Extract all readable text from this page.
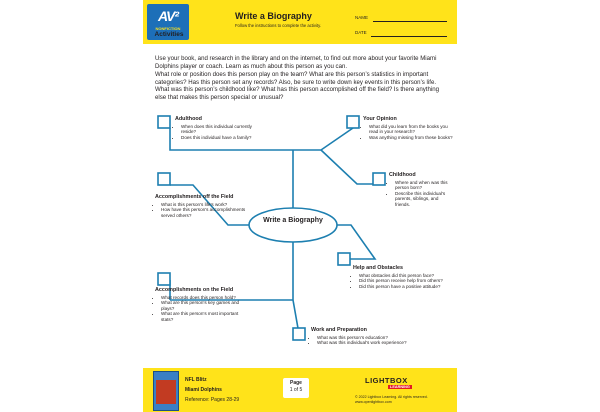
AV²
NONFICTION
Activities
Write a Biography
Follow the instructions to complete the activity.
NAME
DATE

Use your book, and research in the library and on the internet, to find out more about your favorite Miami Dolphins player or coach. Learn as much about this person as you can.

What role or position does this person play on the team? What are this person’s statistics in important categories? Has this person set any records? Also, be sure to write down key events in this person’s life. What was this person’s childhood like? What has this person accomplished off the field? Is there anything else that makes this person special or unusual?

Write a Biography
Adulthood
• When does this individual currently reside?
• Does this individual have a family?
Your Opinion
• What did you learn from the books you read in your research?
• Was anything missing from these books?
Childhood
• Where and when was this person born?
• Describe this individual’s parents, siblings, and friends.
Accomplishments off the Field
• What is this person’s life’s work?
• How have this person’s accomplishments served others?
Help and Obstacles
• What obstacles did this person face?
• Did this person receive help from others?
• Did this person have a positive attitude?
Accomplishments on the Field
• What records does this person hold?
• What are this person’s key games and plays?
• What are this person’s most important stats?
Work and Preparation
• What was this person’s education?
• What was this individual’s work experience?
NFL Blitz
Miami Dolphins
Reference: Pages 28-29
Page
1 of 5
LIGHTBOX
LEARNING
© 2022 Lightbox Learning. All rights reserved.
www.openlightbox.com
